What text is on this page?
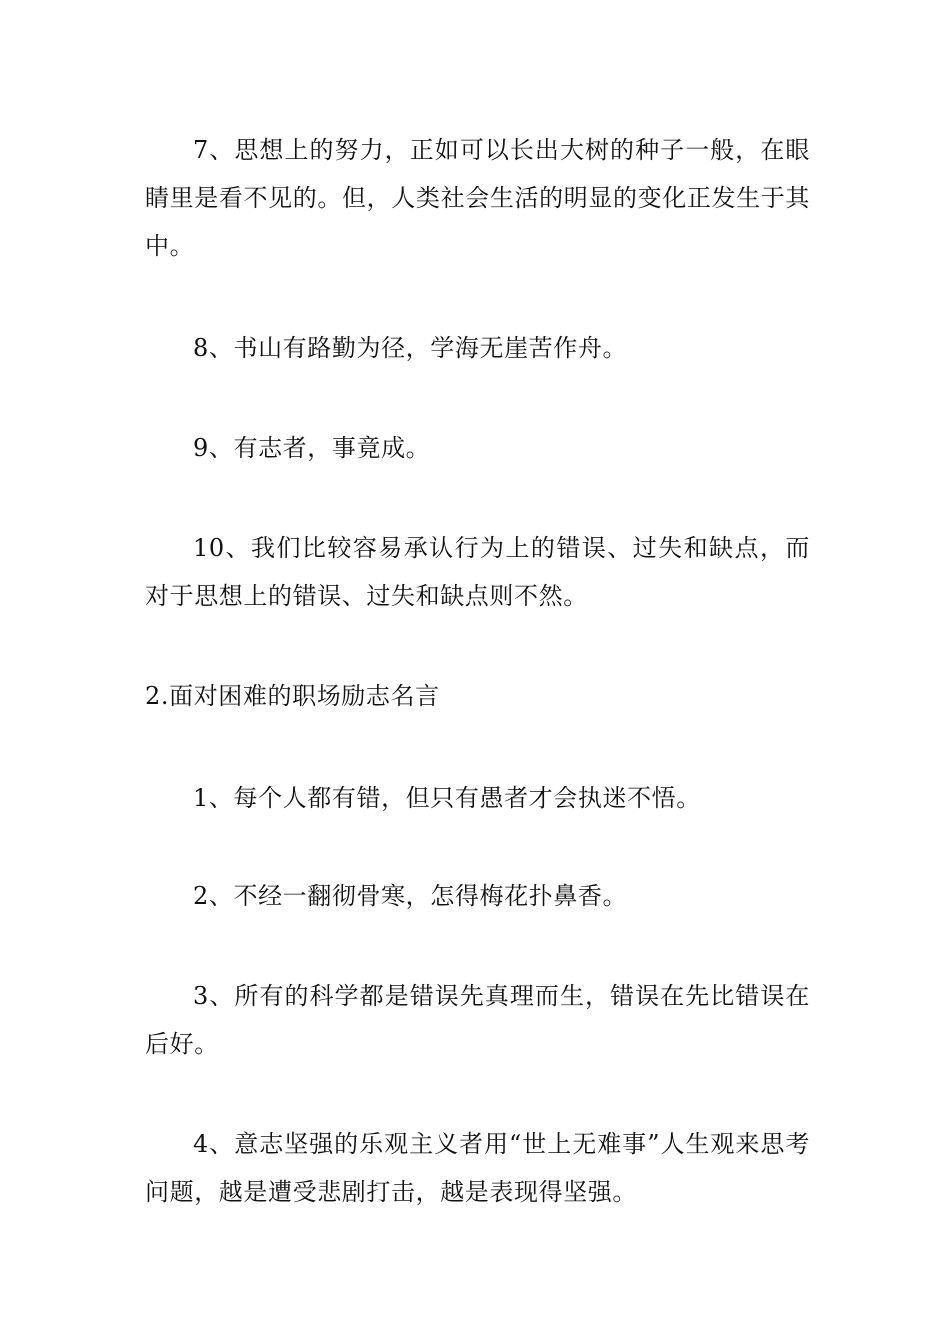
7、思想上的努力，正如可以长出大树的种子一般，在眼睛里是看不见的。但，人类社会生活的明显的变化正发生于其中。

8、书山有路勤为径，学海无崖苦作舟。

9、有志者，事竟成。

10、我们比较容易承认行为上的错误、过失和缺点，而对于思想上的错误、过失和缺点则不然。

2.面对困难的职场励志名言

1、每个人都有错，但只有愚者才会执迷不悟。

2、不经一翻彻骨寒，怎得梅花扑鼻香。

3、所有的科学都是错误先真理而生，错误在先比错误在后好。

4、意志坚强的乐观主义者用“世上无难事”人生观来思考问题，越是遭受悲剧打击，越是表现得坚强。
